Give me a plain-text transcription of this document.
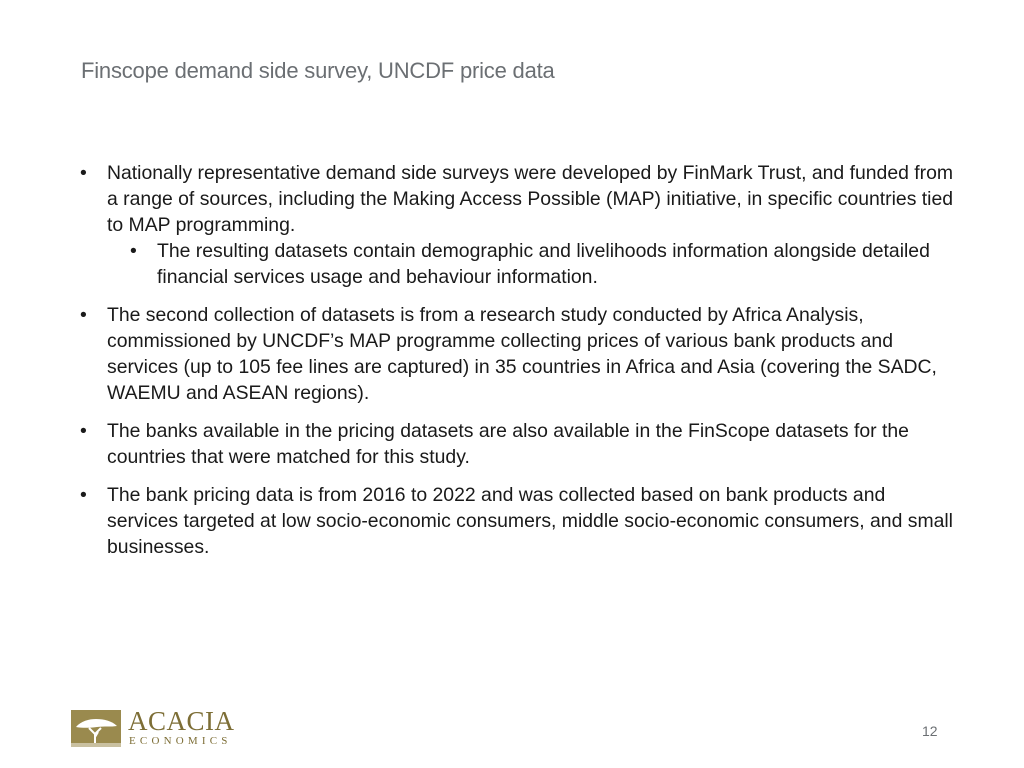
Finscope demand side survey, UNCDF price data
• Nationally representative demand side surveys were developed by FinMark Trust, and funded from a range of sources, including the Making Access Possible (MAP) initiative, in specific countries tied to MAP programming.
• The resulting datasets contain demographic and livelihoods information alongside detailed financial services usage and behaviour information.
• The second collection of datasets is from a research study conducted by Africa Analysis, commissioned by UNCDF’s MAP programme collecting prices of various bank products and services (up to 105 fee lines are captured) in 35 countries in Africa and Asia (covering the SADC, WAEMU and ASEAN regions).
• The banks available in the pricing datasets are also available in the FinScope datasets for the countries that were matched for this study.
• The bank pricing data is from 2016 to 2022 and was collected based on bank products and services targeted at low socio-economic consumers, middle socio-economic consumers, and small businesses.
ACACIA
ECONOMICS
12
